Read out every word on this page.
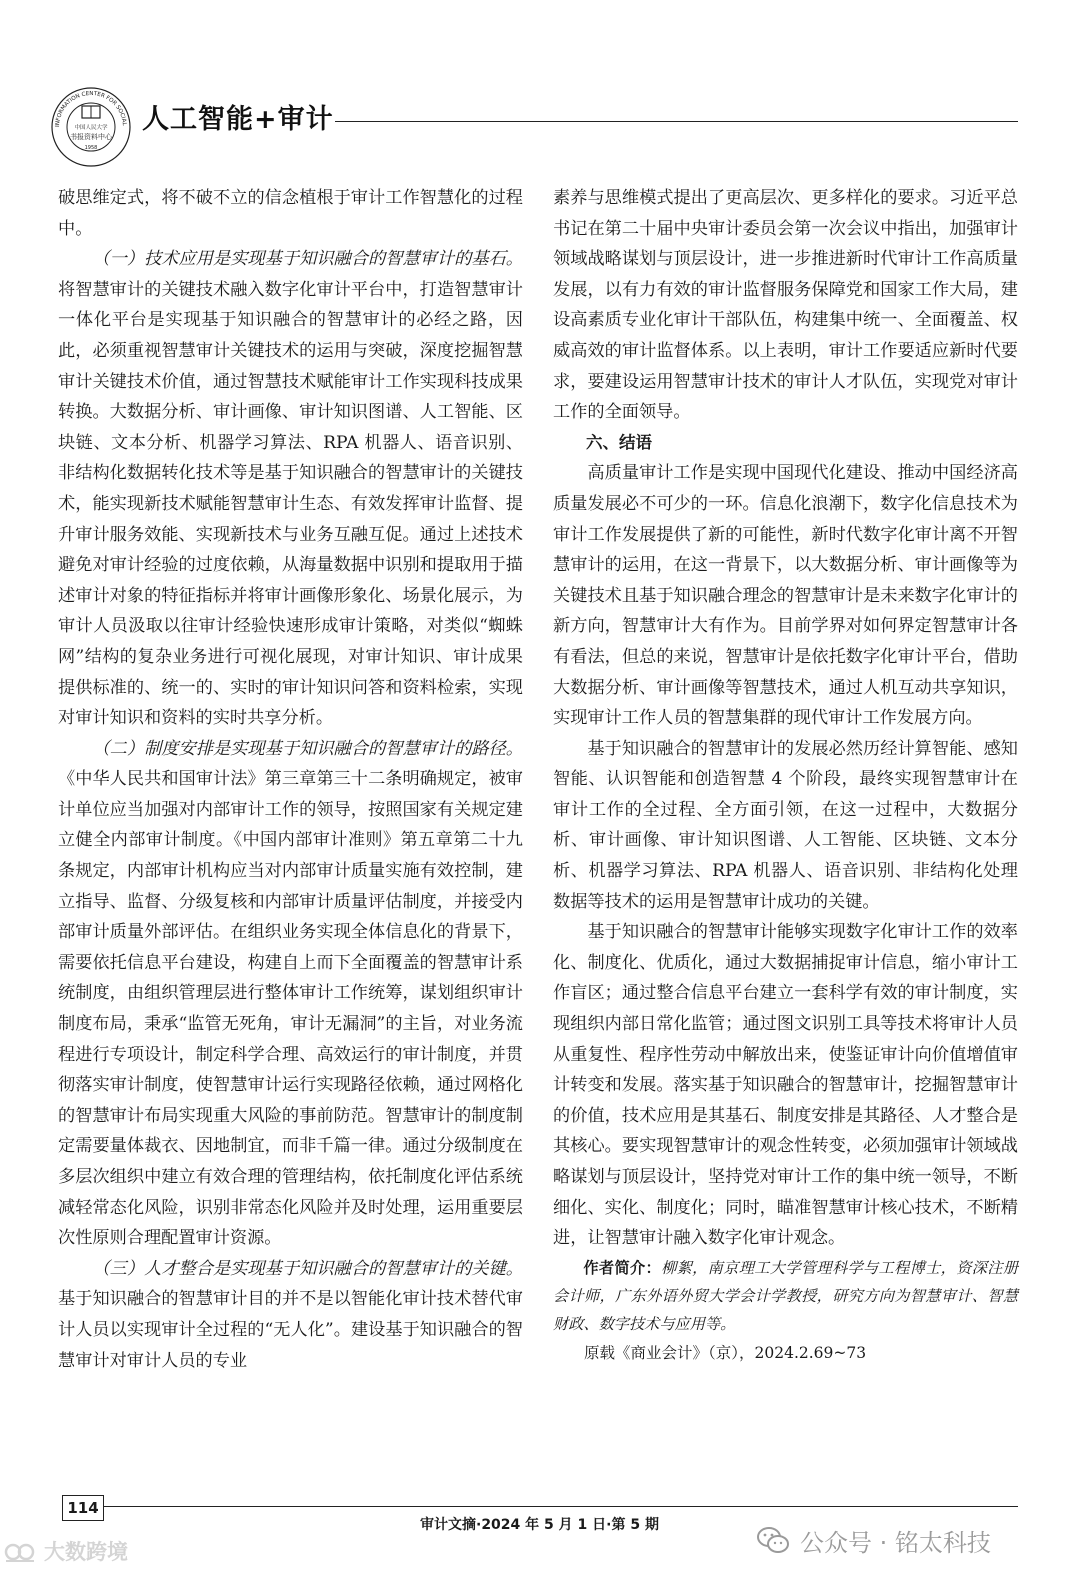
INFORMATION CENTER FOR SOCIAL
中国人民大学
书报资料中心
1958
人工智能+审计

破思维定式，将不破不立的信念植根于审计工作智慧化的过程中。

（一）技术应用是实现基于知识融合的智慧审计的基石。将智慧审计的关键技术融入数字化审计平台中，打造智慧审计一体化平台是实现基于知识融合的智慧审计的必经之路，因此，必须重视智慧审计关键技术的运用与突破，深度挖掘智慧审计关键技术价值，通过智慧技术赋能审计工作实现科技成果转换。大数据分析、审计画像、审计知识图谱、人工智能、区块链、文本分析、机器学习算法、RPA 机器人、语音识别、非结构化数据转化技术等是基于知识融合的智慧审计的关键技术，能实现新技术赋能智慧审计生态、有效发挥审计监督、提升审计服务效能、实现新技术与业务互融互促。通过上述技术避免对审计经验的过度依赖，从海量数据中识别和提取用于描述审计对象的特征指标并将审计画像形象化、场景化展示，为审计人员汲取以往审计经验快速形成审计策略，对类似“蜘蛛网”结构的复杂业务进行可视化展现，对审计知识、审计成果提供标准的、统一的、实时的审计知识问答和资料检索，实现对审计知识和资料的实时共享分析。

（二）制度安排是实现基于知识融合的智慧审计的路径。《中华人民共和国审计法》第三章第三十二条明确规定，被审计单位应当加强对内部审计工作的领导，按照国家有关规定建立健全内部审计制度。《中国内部审计准则》第五章第二十九条规定，内部审计机构应当对内部审计质量实施有效控制，建立指导、监督、分级复核和内部审计质量评估制度，并接受内部审计质量外部评估。在组织业务实现全体信息化的背景下，需要依托信息平台建设，构建自上而下全面覆盖的智慧审计系统制度，由组织管理层进行整体审计工作统筹，谋划组织审计制度布局，秉承“监管无死角，审计无漏洞”的主旨，对业务流程进行专项设计，制定科学合理、高效运行的审计制度，并贯彻落实审计制度，使智慧审计运行实现路径依赖，通过网格化的智慧审计布局实现重大风险的事前防范。智慧审计的制度制定需要量体裁衣、因地制宜，而非千篇一律。通过分级制度在多层次组织中建立有效合理的管理结构，依托制度化评估系统减轻常态化风险，识别非常态化风险并及时处理，运用重要层次性原则合理配置审计资源。

（三）人才整合是实现基于知识融合的智慧审计的关键。基于知识融合的智慧审计目的并不是以智能化审计技术替代审计人员以实现审计全过程的“无人化”。建设基于知识融合的智慧审计对审计人员的专业

素养与思维模式提出了更高层次、更多样化的要求。习近平总书记在第二十届中央审计委员会第一次会议中指出，加强审计领域战略谋划与顶层设计，进一步推进新时代审计工作高质量发展，以有力有效的审计监督服务保障党和国家工作大局，建设高素质专业化审计干部队伍，构建集中统一、全面覆盖、权威高效的审计监督体系。以上表明，审计工作要适应新时代要求，要建设运用智慧审计技术的审计人才队伍，实现党对审计工作的全面领导。

六、结语

高质量审计工作是实现中国现代化建设、推动中国经济高质量发展必不可少的一环。信息化浪潮下，数字化信息技术为审计工作发展提供了新的可能性，新时代数字化审计离不开智慧审计的运用，在这一背景下，以大数据分析、审计画像等为关键技术且基于知识融合理念的智慧审计是未来数字化审计的新方向，智慧审计大有作为。目前学界对如何界定智慧审计各有看法，但总的来说，智慧审计是依托数字化审计平台，借助大数据分析、审计画像等智慧技术，通过人机互动共享知识，实现审计工作人员的智慧集群的现代审计工作发展方向。

基于知识融合的智慧审计的发展必然历经计算智能、感知智能、认识智能和创造智慧 4 个阶段，最终实现智慧审计在审计工作的全过程、全方面引领，在这一过程中，大数据分析、审计画像、审计知识图谱、人工智能、区块链、文本分析、机器学习算法、RPA 机器人、语音识别、非结构化处理数据等技术的运用是智慧审计成功的关键。

基于知识融合的智慧审计能够实现数字化审计工作的效率化、制度化、优质化，通过大数据捕捉审计信息，缩小审计工作盲区；通过整合信息平台建立一套科学有效的审计制度，实现组织内部日常化监管；通过图文识别工具等技术将审计人员从重复性、程序性劳动中解放出来，使鉴证审计向价值增值审计转变和发展。落实基于知识融合的智慧审计，挖掘智慧审计的价值，技术应用是其基石、制度安排是其路径、人才整合是其核心。要实现智慧审计的观念性转变，必须加强审计领域战略谋划与顶层设计，坚持党对审计工作的集中统一领导，不断细化、实化、制度化；同时，瞄准智慧审计核心技术，不断精进，让智慧审计融入数字化审计观念。

作者简介：柳絮，南京理工大学管理科学与工程博士，资深注册会计师，广东外语外贸大学会计学教授，研究方向为智慧审计、智慧财政、数字技术与应用等。

原载《商业会计》（京），2024.2.69~73

114
审计文摘·2024 年 5 月 1 日·第 5 期
大数跨境	公众号 · 铭太科技
